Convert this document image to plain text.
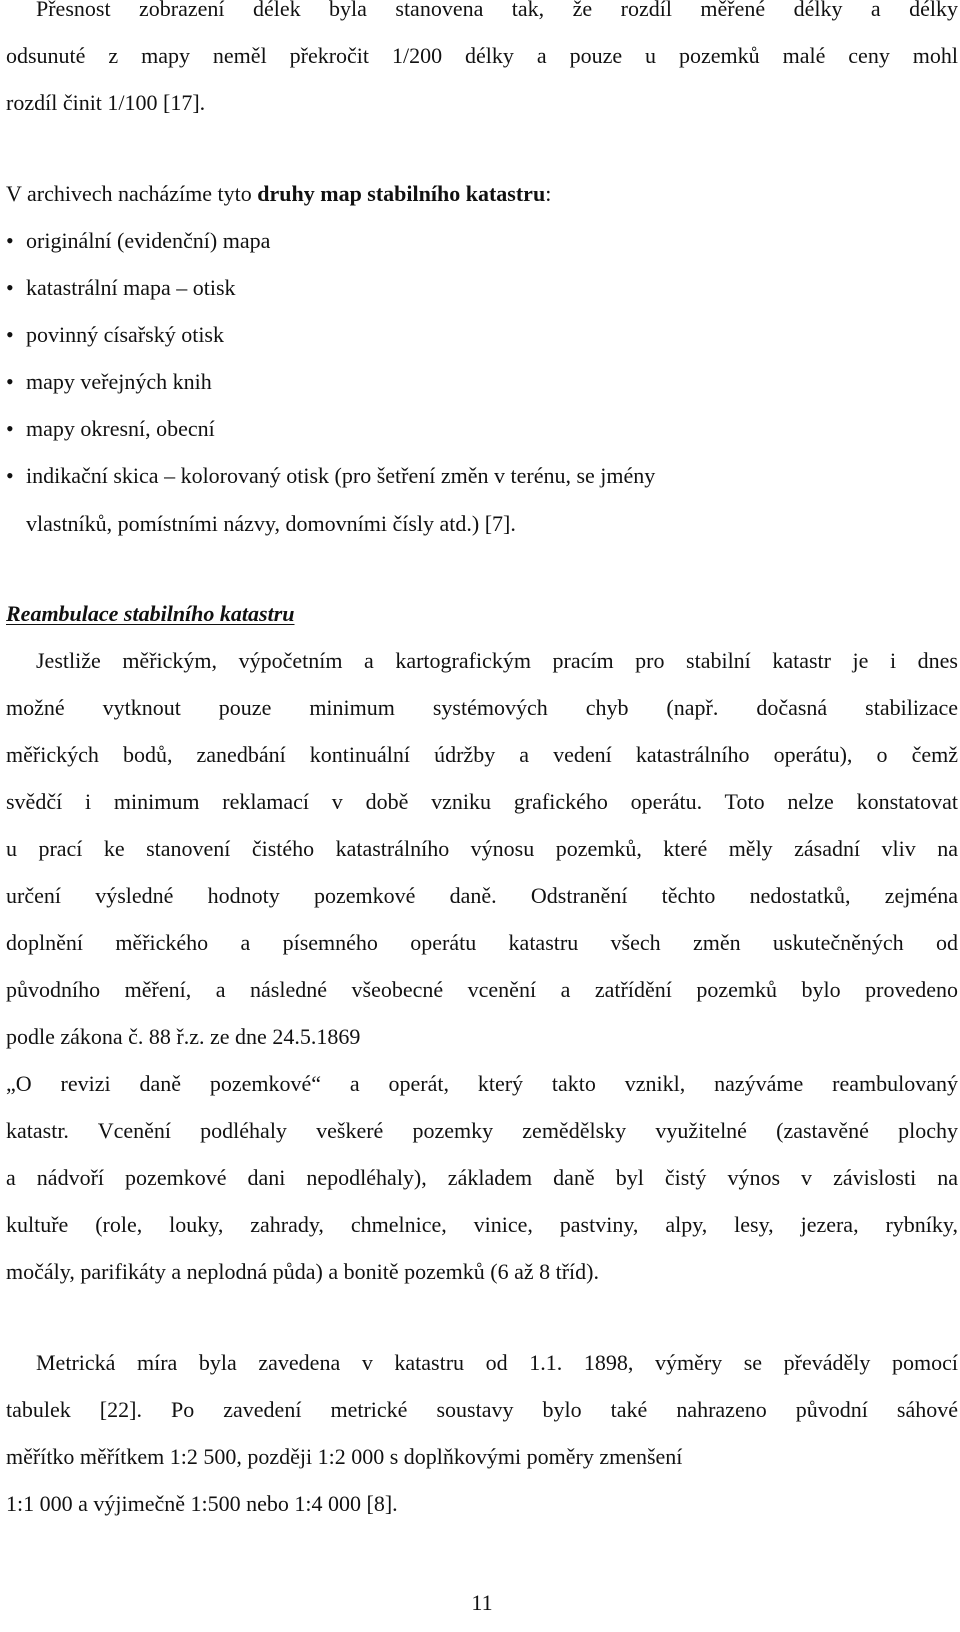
Přesnost zobrazení délek byla stanovena tak, že rozdíl měřené délky a délky
odsunuté z mapy neměl překročit 1/200 délky a pouze u pozemků malé ceny mohl
rozdíl činit 1/100 [17].
V archivech nacházíme tyto druhy map stabilního katastru:
• originální (evidenční) mapa
• katastrální mapa – otisk
• povinný císařský otisk
• mapy veřejných knih
• mapy okresní, obecní
• indikační skica – kolorovaný otisk (pro šetření změn v terénu, se jmény
vlastníků, pomístními názvy, domovními čísly atd.) [7].
Reambulace stabilního katastru
Jestliže měřickým, výpočetním a kartografickým pracím pro stabilní katastr je i dnes
možné vytknout pouze minimum systémových chyb (např. dočasná stabilizace
měřických bodů, zanedbání kontinuální údržby a vedení katastrálního operátu), o čemž
svědčí i minimum reklamací v době vzniku grafického operátu. Toto nelze konstatovat
u prací ke stanovení čistého katastrálního výnosu pozemků, které měly zásadní vliv na
určení výsledné hodnoty pozemkové daně. Odstranění těchto nedostatků, zejména
doplnění měřického a písemného operátu katastru všech změn uskutečněných od
původního měření, a následné všeobecné vcenění a zatřídění pozemků bylo provedeno
podle zákona č. 88 ř.z. ze dne 24.5.1869
„O revizi daně pozemkové“ a operát, který takto vznikl, nazýváme reambulovaný
katastr. Vcenění podléhaly veškeré pozemky zemědělsky využitelné (zastavěné plochy
a nádvoří pozemkové dani nepodléhaly), základem daně byl čistý výnos v závislosti na
kultuře (role, louky, zahrady, chmelnice, vinice, pastviny, alpy, lesy, jezera, rybníky,
močály, parifikáty a neplodná půda) a bonitě pozemků (6 až 8 tříd).
Metrická míra byla zavedena v katastru od 1.1. 1898, výměry se převáděly pomocí
tabulek [22]. Po zavedení metrické soustavy bylo také nahrazeno původní sáhové
měřítko měřítkem 1:2 500, později 1:2 000 s doplňkovými poměry zmenšení
1:1 000 a výjimečně 1:500 nebo 1:4 000 [8].
11
